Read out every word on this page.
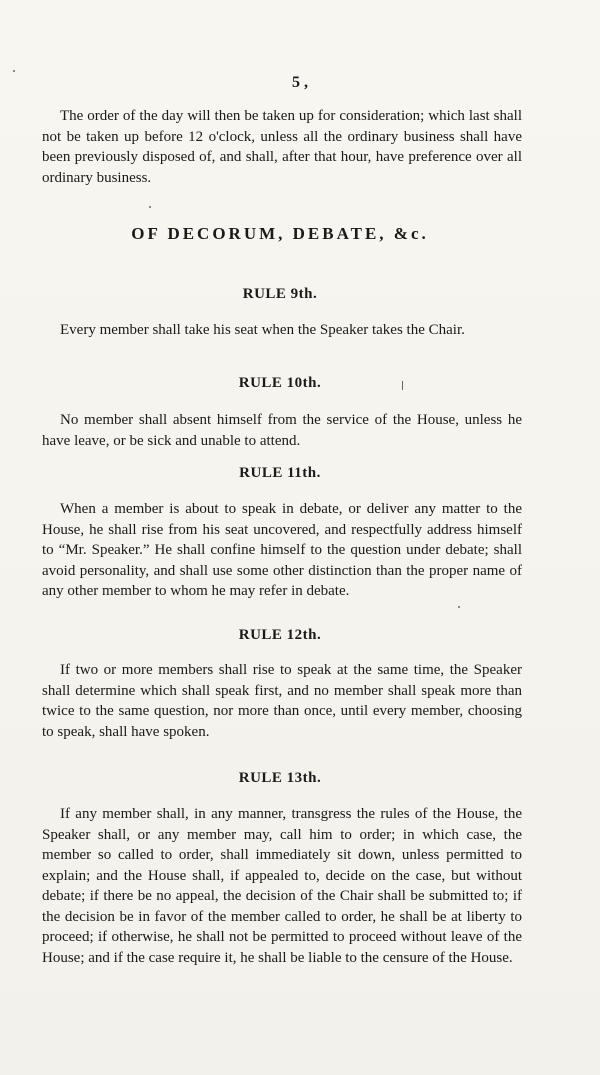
5 ,

The order of the day will then be taken up for consideration; which last shall not be taken up before 12 o'clock, unless all the ordinary business shall have been previously disposed of, and shall, after that hour, have preference over all ordinary business.

OF DECORUM, DEBATE, &c.
RULE 9th.

Every member shall take his seat when the Speaker takes the Chair.

RULE 10th.

No member shall absent himself from the service of the House, unless he have leave, or be sick and unable to attend.

RULE 11th.

When a member is about to speak in debate, or deliver any matter to the House, he shall rise from his seat uncovered, and respectfully address himself to “Mr. Speaker.” He shall confine himself to the question under debate; shall avoid personality, and shall use some other distinction than the proper name of any other member to whom he may refer in debate.

RULE 12th.

If two or more members shall rise to speak at the same time, the Speaker shall determine which shall speak first, and no member shall speak more than twice to the same question, nor more than once, until every member, choosing to speak, shall have spoken.

RULE 13th.

If any member shall, in any manner, transgress the rules of the House, the Speaker shall, or any member may, call him to order; in which case, the member so called to order, shall immediately sit down, unless permitted to explain; and the House shall, if appealed to, decide on the case, but without debate; if there be no appeal, the decision of the Chair shall be submitted to; if the decision be in favor of the member called to order, he shall be at liberty to proceed; if otherwise, he shall not be permitted to proceed without leave of the House; and if the case require it, he shall be liable to the censure of the House.
